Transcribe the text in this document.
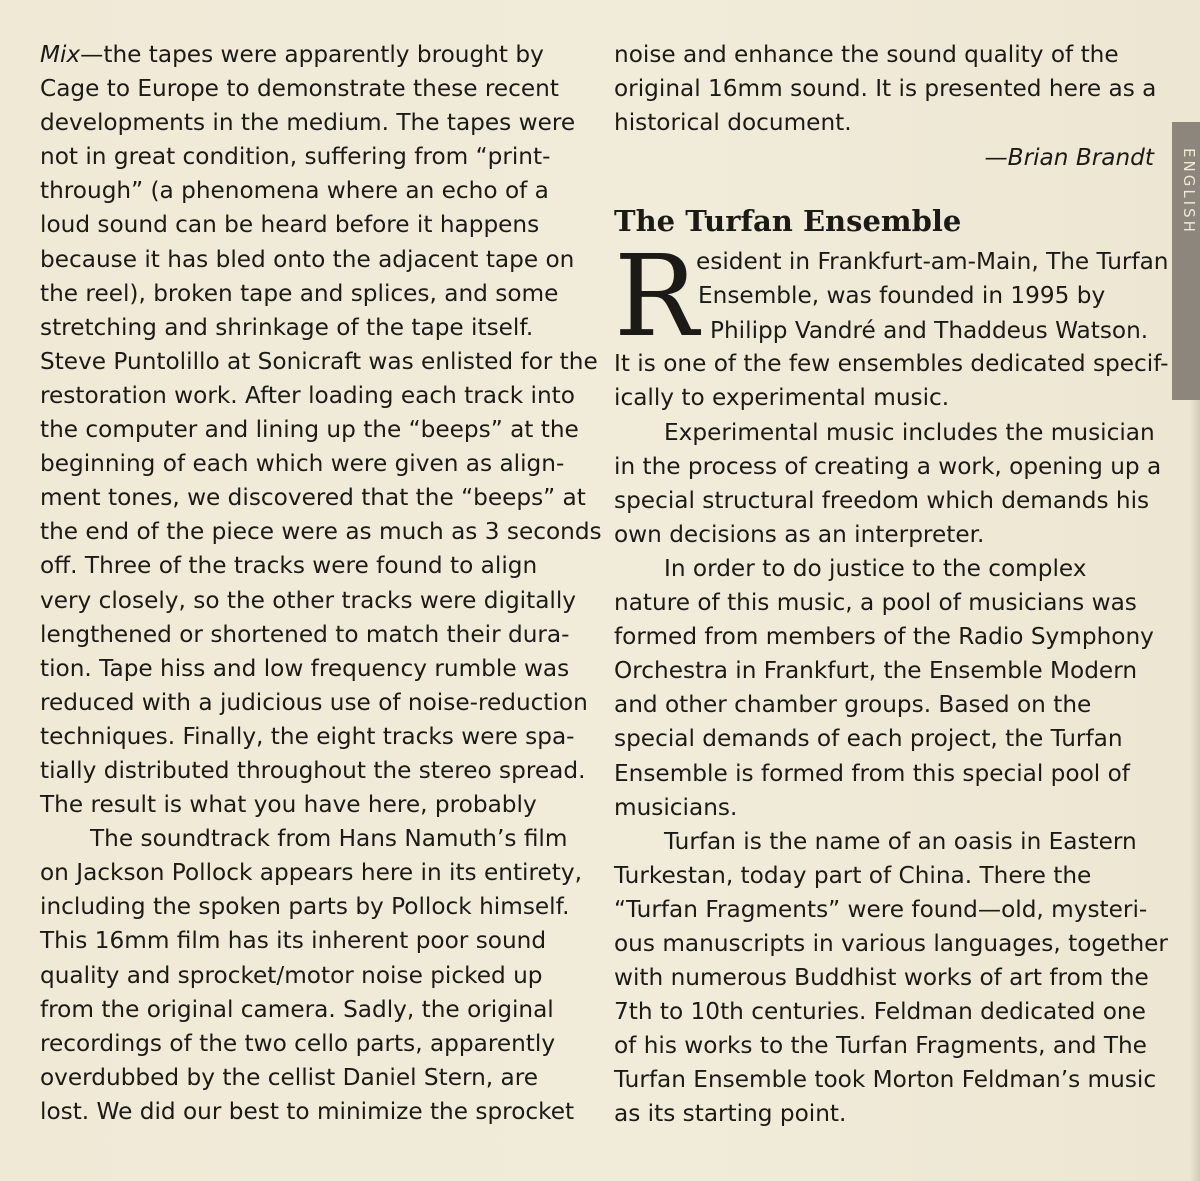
Mix—the tapes were apparently brought by
Cage to Europe to demonstrate these recent
developments in the medium. The tapes were
not in great condition, suffering from “print-
through” (a phenomena where an echo of a
loud sound can be heard before it happens
because it has bled onto the adjacent tape on
the reel), broken tape and splices, and some
stretching and shrinkage of the tape itself.
Steve Puntolillo at Sonicraft was enlisted for the
restoration work. After loading each track into
the computer and lining up the “beeps” at the
beginning of each which were given as align-
ment tones, we discovered that the “beeps” at
the end of the piece were as much as 3 seconds
off. Three of the tracks were found to align
very closely, so the other tracks were digitally
lengthened or shortened to match their dura-
tion. Tape hiss and low frequency rumble was
reduced with a judicious use of noise-reduction
techniques. Finally, the eight tracks were spa-
tially distributed throughout the stereo spread.
The result is what you have here, probably
The soundtrack from Hans Namuth’s film
on Jackson Pollock appears here in its entirety,
including the spoken parts by Pollock himself.
This 16mm film has its inherent poor sound
quality and sprocket/motor noise picked up
from the original camera. Sadly, the original
recordings of the two cello parts, apparently
overdubbed by the cellist Daniel Stern, are
lost. We did our best to minimize the sprocket
noise and enhance the sound quality of the
original 16mm sound. It is presented here as a
historical document.
—Brian Brandt
The Turfan Ensemble
R
esident in Frankfurt-am-Main, The Turfan
Ensemble, was founded in 1995 by
Philipp Vandré and Thaddeus Watson.
It is one of the few ensembles dedicated specif-
ically to experimental music.
Experimental music includes the musician
in the process of creating a work, opening up a
special structural freedom which demands his
own decisions as an interpreter.
In order to do justice to the complex
nature of this music, a pool of musicians was
formed from members of the Radio Symphony
Orchestra in Frankfurt, the Ensemble Modern
and other chamber groups. Based on the
special demands of each project, the Turfan
Ensemble is formed from this special pool of
musicians.
Turfan is the name of an oasis in Eastern
Turkestan, today part of China. There the
“Turfan Fragments” were found—old, mysteri-
ous manuscripts in various languages, together
with numerous Buddhist works of art from the
7th to 10th centuries. Feldman dedicated one
of his works to the Turfan Fragments, and The
Turfan Ensemble took Morton Feldman’s music
as its starting point.
ENGLISH
